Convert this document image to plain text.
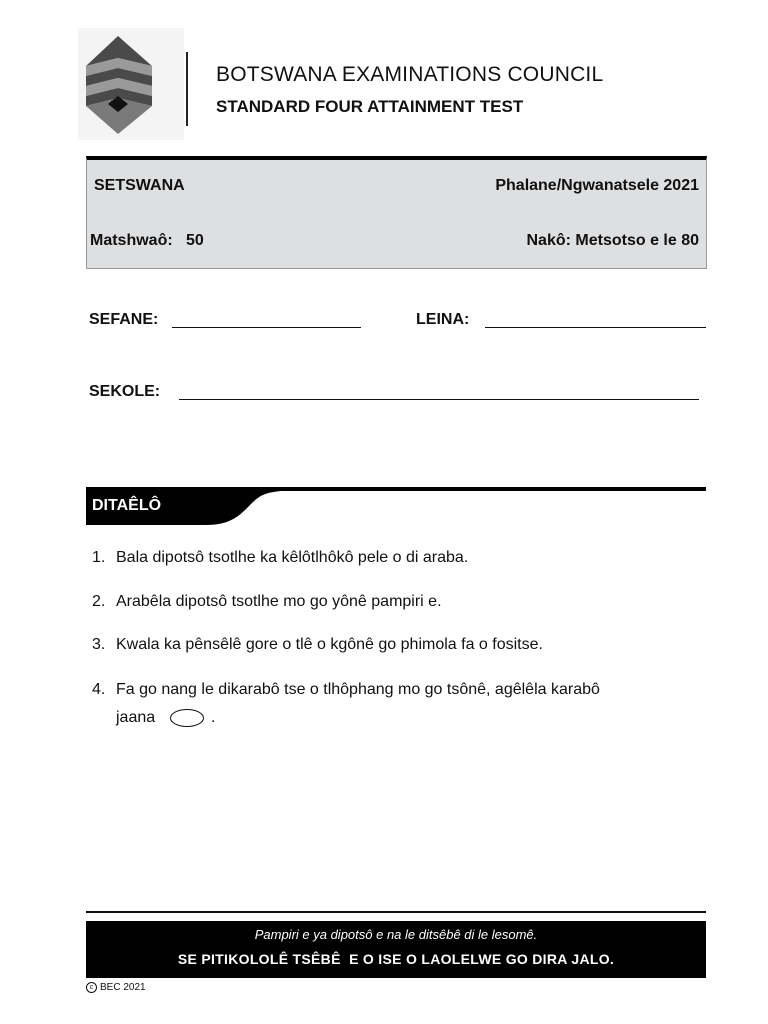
BOTSWANA EXAMINATIONS COUNCIL
STANDARD FOUR ATTAINMENT TEST
SETSWANA	Phalane/Ngwanatsele 2021
Matshwaô:   50	Nakô: Metsotso e le 80
SEFANE:	LEINA:
SEKOLE:
DITAÊLÔ
1. Bala dipotsô tsotlhe ka kêlôtlhôkô pele o di araba.
2. Arabêla dipotsô tsotlhe mo go yônê pampiri e.
3. Kwala ka pênsêlê gore o tlê o kgônê go phimola fa o fositse.
4. Fa go nang le dikarabô tse o tlhôphang mo go tsônê, agêlêla karabô
jaana	.
Pampiri e ya dipotsô e na le ditsêbê di le lesomê.
SE PITIKOLOLÊ TSÊBÊ  E O ISE O LAOLELWE GO DIRA JALO.
c BEC 2021
